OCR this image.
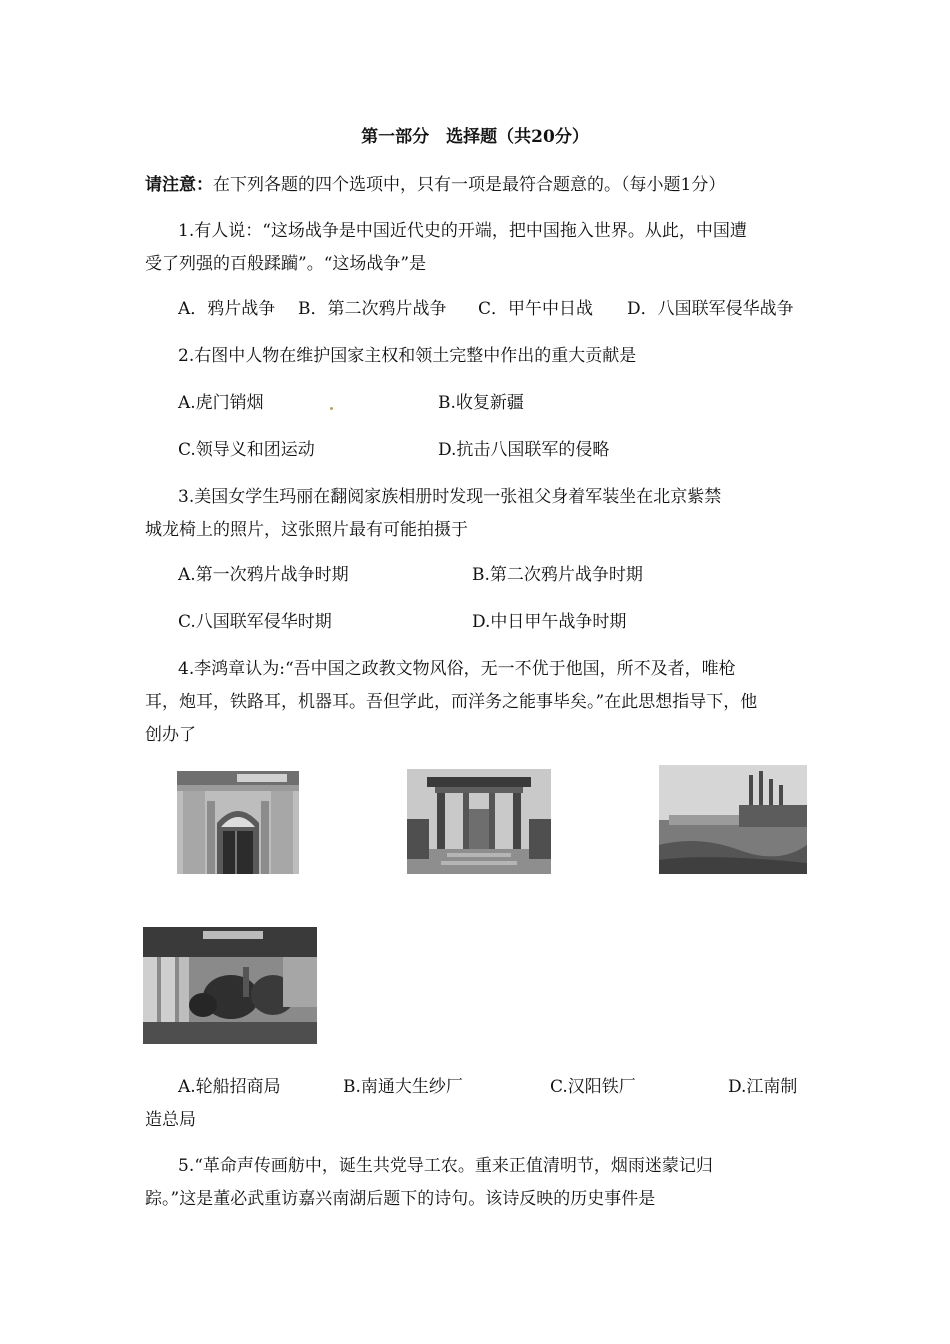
第一部分　选择题（共20分）
请注意：在下列各题的四个选项中，只有一项是最符合题意的。（每小题1分）
1.有人说：“这场战争是中国近代史的开端，把中国拖入世界。从此，中国遭
受了列强的百般蹂躏”。“这场战争”是
A．鸦片战争 B．第二次鸦片战争 C．甲午中日战 D．八国联军侵华战争
2.右图中人物在维护国家主权和领土完整中作出的重大贡献是
A.虎门销烟	B.收复新疆
C.领导义和团运动	D.抗击八国联军的侵略
3.美国女学生玛丽在翻阅家族相册时发现一张祖父身着军装坐在北京紫禁
城龙椅上的照片，这张照片最有可能拍摄于
A.第一次鸦片战争时期	B.第二次鸦片战争时期
C.八国联军侵华时期	D.中日甲午战争时期
4.李鸿章认为:“吾中国之政教文物风俗，无一不优于他国，所不及者，唯枪
耳，炮耳，铁路耳，机器耳。吾但学此，而洋务之能事毕矣。”在此思想指导下，他
创办了
A.轮船招商局	B.南通大生纱厂	C.汉阳铁厂	D.江南制
造总局
5.“革命声传画舫中，诞生共党导工农。重来正值清明节，烟雨迷蒙记归
踪。”这是董必武重访嘉兴南湖后题下的诗句。该诗反映的历史事件是
